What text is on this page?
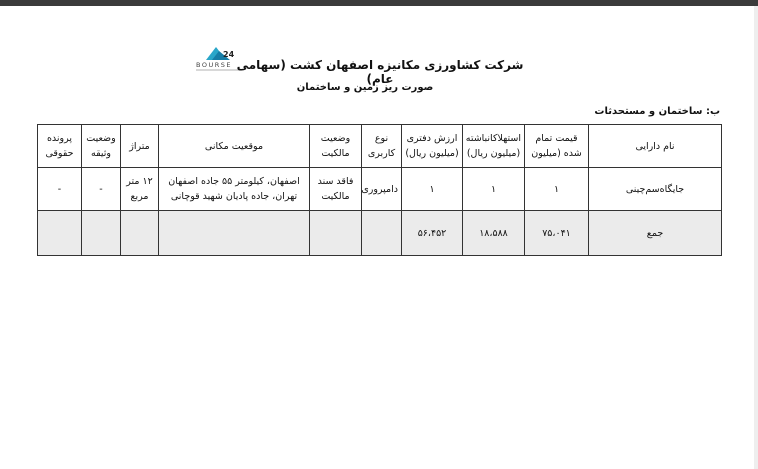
24
BOURSE شرکت کشاورزی مکانیزه اصفهان کشت (سهامی عام)
صورت ریز زمین و ساختمان
ب: ساختمان و مستحدثات
نام دارایی	قیمت تمام شده (میلیون	استهلاکانباشته (میلیون ریال)	ارزش دفتری (میلیون ریال)	نوع کاربری	وضعیت مالکیت	موقعیت مکانی	متراژ	وضعیت وثیقه	پرونده حقوقی
جایگاه‌سم‌چینی	۱	۱	۱	دامپروری	فاقد سند مالکیت	اصفهان، کیلومتر ۵۵ جاده اصفهان تهران، جاده پادیان شهید قوچانی	۱۲ متر مربع	-	-
جمع	۷۵،۰۴۱	۱۸،۵۸۸	۵۶،۴۵۲						
